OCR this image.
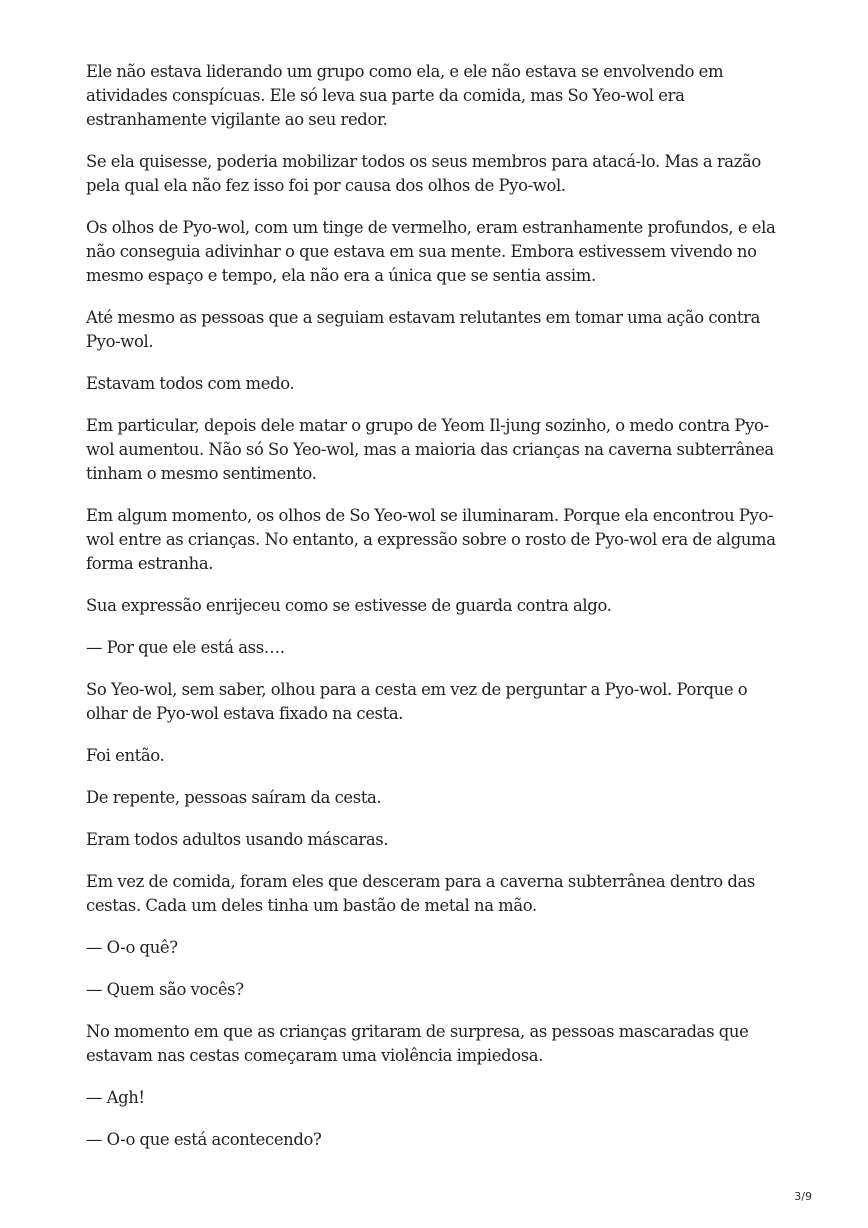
Ele não estava liderando um grupo como ela, e ele não estava se envolvendo em atividades conspícuas. Ele só leva sua parte da comida, mas So Yeo-wol era estranhamente vigilante ao seu redor.

Se ela quisesse, poderia mobilizar todos os seus membros para atacá-lo. Mas a razão pela qual ela não fez isso foi por causa dos olhos de Pyo-wol.

Os olhos de Pyo-wol, com um tinge de vermelho, eram estranhamente profundos, e ela não conseguia adivinhar o que estava em sua mente. Embora estivessem vivendo no mesmo espaço e tempo, ela não era a única que se sentia assim.

Até mesmo as pessoas que a seguiam estavam relutantes em tomar uma ação contra Pyo-wol.

Estavam todos com medo.

Em particular, depois dele matar o grupo de Yeom Il-jung sozinho, o medo contra Pyo-wol aumentou. Não só So Yeo-wol, mas a maioria das crianças na caverna subterrânea tinham o mesmo sentimento.

Em algum momento, os olhos de So Yeo-wol se iluminaram. Porque ela encontrou Pyo-wol entre as crianças. No entanto, a expressão sobre o rosto de Pyo-wol era de alguma forma estranha.

Sua expressão enrijeceu como se estivesse de guarda contra algo.

— Por que ele está ass….

So Yeo-wol, sem saber, olhou para a cesta em vez de perguntar a Pyo-wol. Porque o olhar de Pyo-wol estava fixado na cesta.

Foi então.

De repente, pessoas saíram da cesta.

Eram todos adultos usando máscaras.

Em vez de comida, foram eles que desceram para a caverna subterrânea dentro das cestas. Cada um deles tinha um bastão de metal na mão.

— O-o quê?

— Quem são vocês?

No momento em que as crianças gritaram de surpresa, as pessoas mascaradas que estavam nas cestas começaram uma violência impiedosa.

— Agh!

— O-o que está acontecendo?

3/9
